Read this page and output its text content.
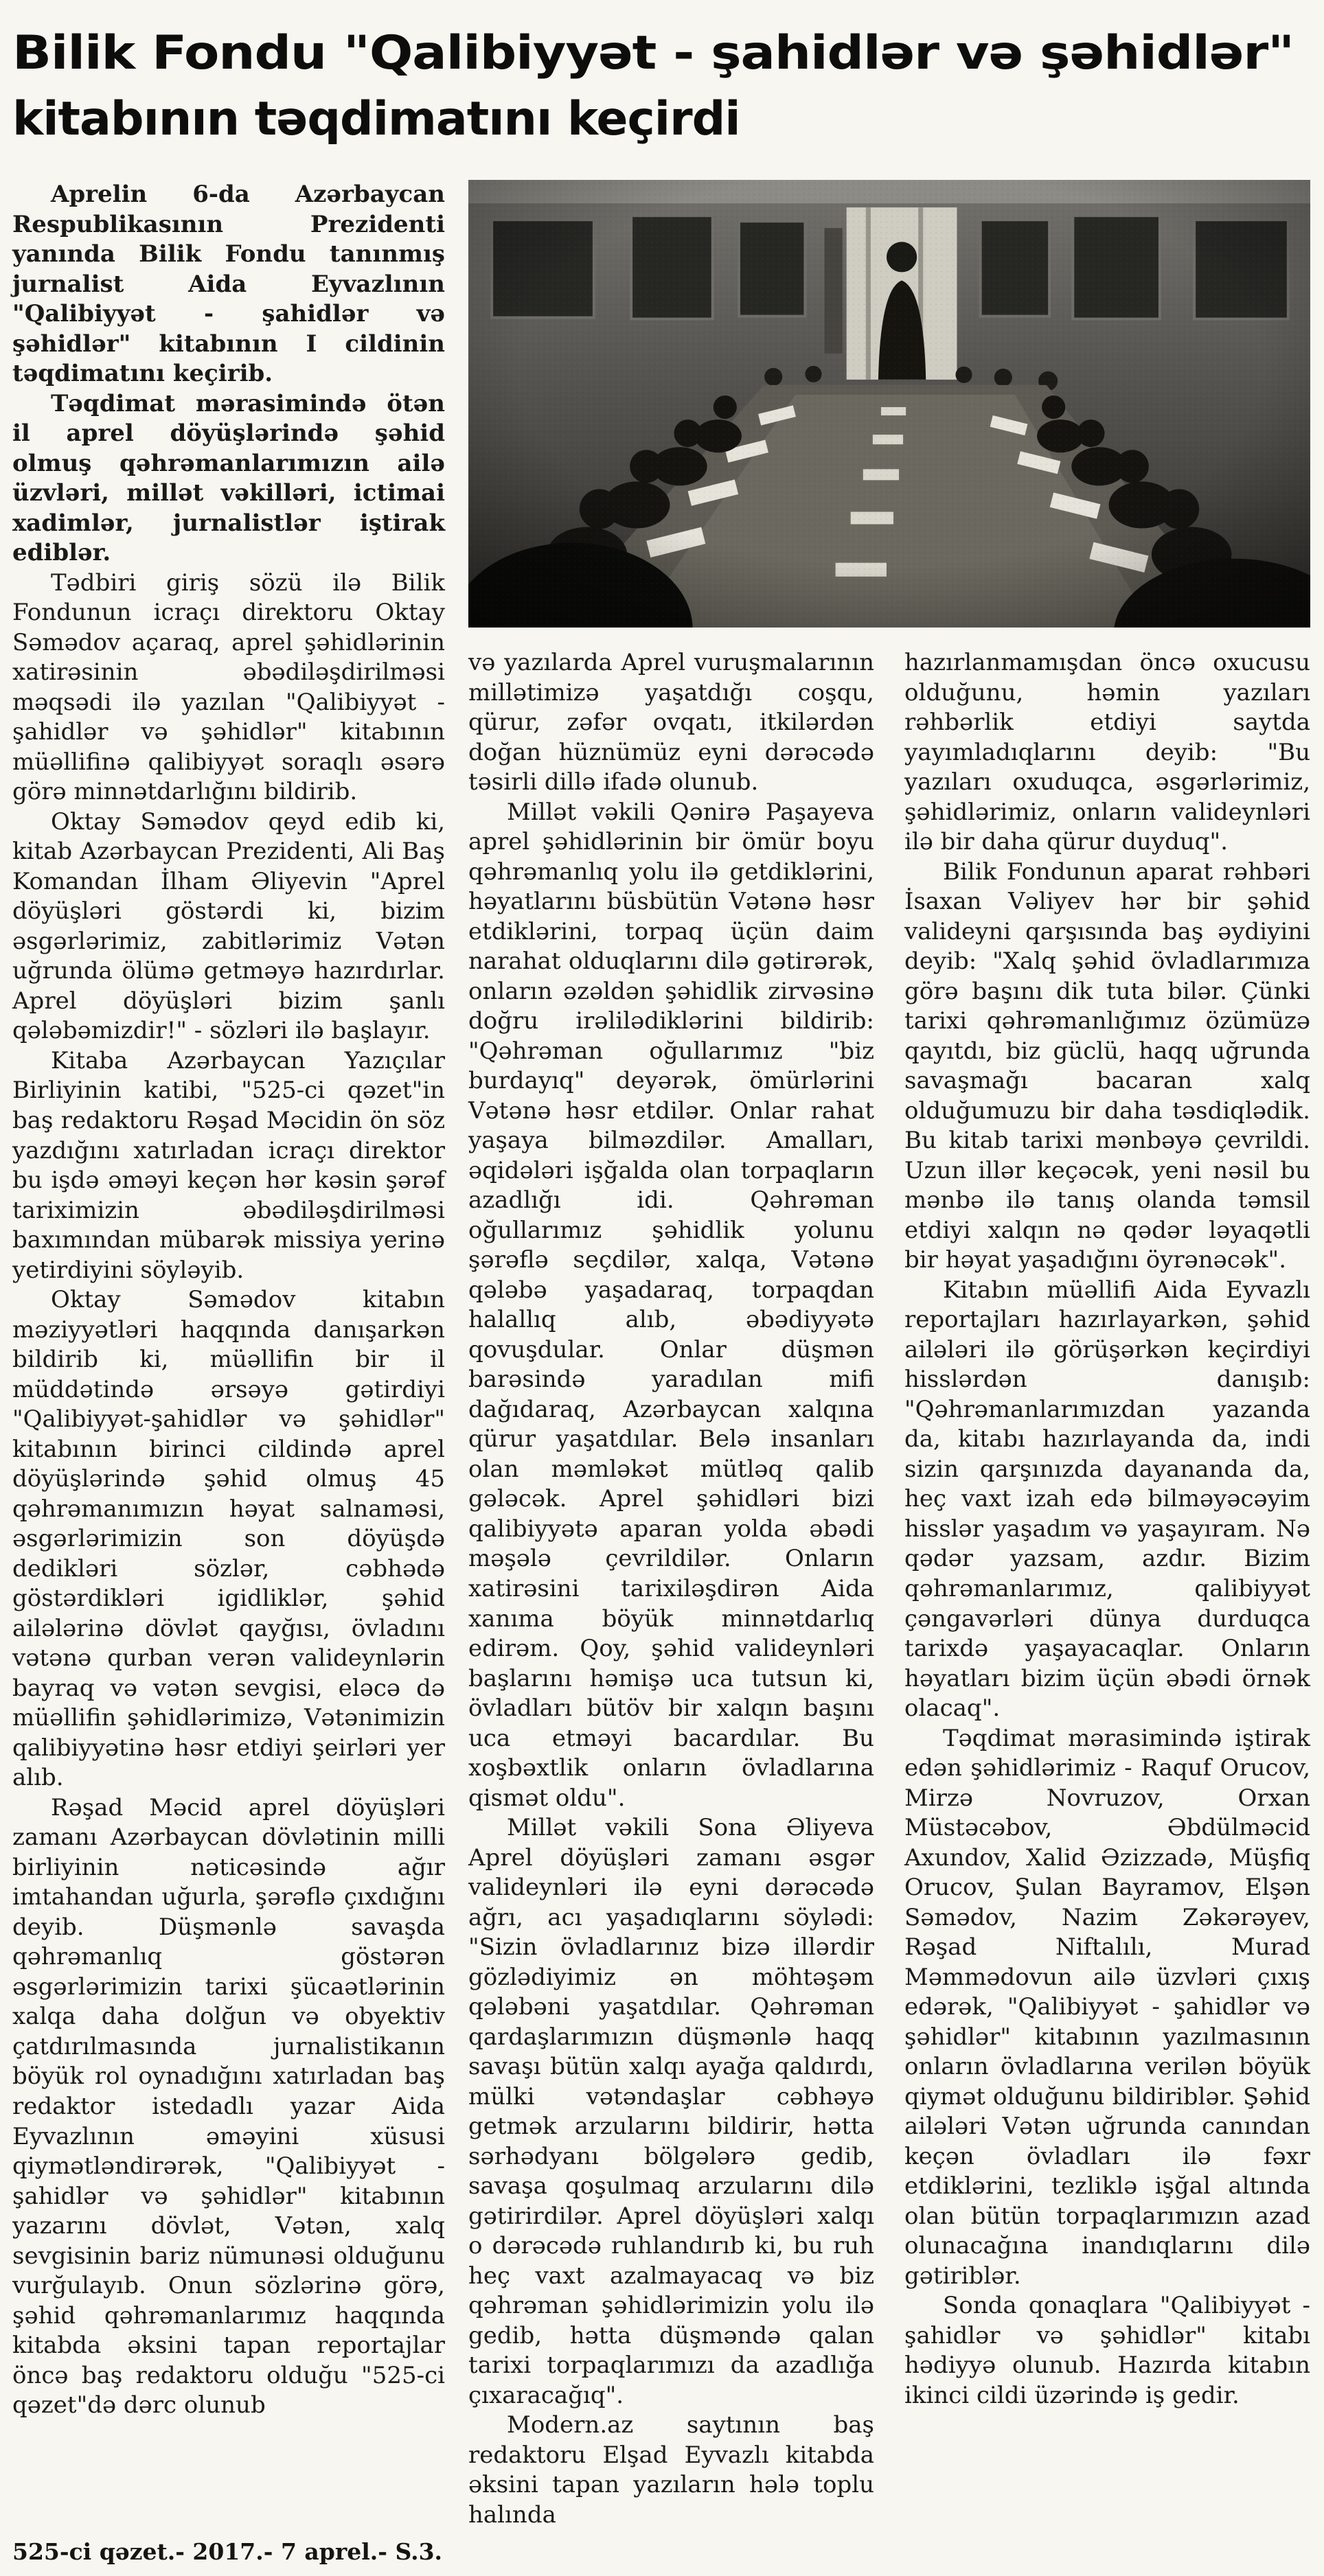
Bilik Fondu "Qalibiyyət - şahidlər və şəhidlər"
kitabının təqdimatını keçirdi

Aprelin 6-da Azərbaycan Respublikasının Prezidenti yanında Bilik Fondu tanınmış jurnalist Aida Eyvazlının "Qalibiyyət - şahidlər və şəhidlər" kitabının I cildinin təqdimatını keçirib.

Təqdimat mərasimində ötən il aprel döyüşlərində şəhid olmuş qəhrəmanlarımızın ailə üzvləri, millət vəkilləri, ictimai xadimlər, jurnalistlər iştirak ediblər.

Tədbiri giriş sözü ilə Bilik Fondunun icraçı direktoru Oktay Səmədov açaraq, aprel şəhidlərinin xatirəsinin əbədiləşdirilməsi məqsədi ilə yazılan "Qalibiyyət - şahidlər və şəhidlər" kitabının müəllifinə qalibiyyət soraqlı əsərə görə minnətdarlığını bildirib.

Oktay Səmədov qeyd edib ki, kitab Azərbaycan Prezidenti, Ali Baş Komandan İlham Əliyevin "Aprel döyüşləri göstərdi ki, bizim əsgərlərimiz, zabitlərimiz Vətən uğrunda ölümə getməyə hazırdırlar. Aprel döyüşləri bizim şanlı qələbəmizdir!" - sözləri ilə başlayır.

Kitaba Azərbaycan Yazıçılar Birliyinin katibi, "525-ci qəzet"in baş redaktoru Rəşad Məcidin ön söz yazdığını xatırladan icraçı direktor bu işdə əməyi keçən hər kəsin şərəf tariximizin əbədiləşdirilməsi baxımından mübarək missiya yerinə yetirdiyini söyləyib.

Oktay Səmədov kitabın məziyyətləri haqqında danışarkən bildirib ki, müəllifin bir il müddətində ərsəyə gətirdiyi "Qalibiyyət-şahidlər və şəhidlər" kitabının birinci cildində aprel döyüşlərində şəhid olmuş 45 qəhrəmanımızın həyat salnaməsi, əsgərlərimizin son döyüşdə dedikləri sözlər, cəbhədə göstərdikləri igidliklər, şəhid ailələrinə dövlət qayğısı, övladını vətənə qurban verən valideynlərin bayraq və vətən sevgisi, eləcə də müəllifin şəhidlərimizə, Vətənimizin qalibiyyətinə həsr etdiyi şeirləri yer alıb.

Rəşad Məcid aprel döyüşləri zamanı Azərbaycan dövlətinin milli birliyinin nəticəsində ağır imtahandan uğurla, şərəflə çıxdığını deyib. Düşmənlə savaşda qəhrəmanlıq göstərən əsgərlərimizin tarixi şücaətlərinin xalqa daha dolğun və obyektiv çatdırılmasında jurnalistikanın böyük rol oynadığını xatırladan baş redaktor istedadlı yazar Aida Eyvazlının əməyini xüsusi qiymətləndirərək, "Qalibiyyət - şahidlər və şəhidlər" kitabının yazarını dövlət, Vətən, xalq sevgisinin bariz nümunəsi olduğunu vurğulayıb. Onun sözlərinə görə, şəhid qəhrəmanlarımız haqqında kitabda əksini tapan reportajlar öncə baş redaktoru olduğu "525-ci qəzet"də dərc olunub

və yazılarda Aprel vuruşmalarının millətimizə yaşatdığı coşqu, qürur, zəfər ovqatı, itkilərdən doğan hüznümüz eyni dərəcədə təsirli dillə ifadə olunub.

Millət vəkili Qənirə Paşayeva aprel şəhidlərinin bir ömür boyu qəhrəmanlıq yolu ilə getdiklərini, həyatlarını büsbütün Vətənə həsr etdiklərini, torpaq üçün daim narahat olduqlarını dilə gətirərək, onların əzəldən şəhidlik zirvəsinə doğru irəlilədiklərini bildirib: "Qəhrəman oğullarımız "biz burdayıq" deyərək, ömürlərini Vətənə həsr etdilər. Onlar rahat yaşaya bilməzdilər. Amalları, əqidələri işğalda olan torpaqların azadlığı idi. Qəhrəman oğullarımız şəhidlik yolunu şərəflə seçdilər, xalqa, Vətənə qələbə yaşadaraq, torpaqdan halallıq alıb, əbədiyyətə qovuşdular. Onlar düşmən barəsində yaradılan mifi dağıdaraq, Azərbaycan xalqına qürur yaşatdılar. Belə insanları olan məmləkət mütləq qalib gələcək. Aprel şəhidləri bizi qalibiyyətə aparan yolda əbədi məşələ çevrildilər. Onların xatirəsini tarixiləşdirən Aida xanıma böyük minnətdarlıq edirəm. Qoy, şəhid valideynləri başlarını həmişə uca tutsun ki, övladları bütöv bir xalqın başını uca etməyi bacardılar. Bu xoşbəxtlik onların övladlarına qismət oldu".

Millət vəkili Sona Əliyeva Aprel döyüşləri zamanı əsgər valideynləri ilə eyni dərəcədə ağrı, acı yaşadıqlarını söylədi: "Sizin övladlarınız bizə illərdir gözlədiyimiz ən möhtəşəm qələbəni yaşatdılar. Qəhrəman qardaşlarımızın düşmənlə haqq savaşı bütün xalqı ayağa qaldırdı, mülki vətəndaşlar cəbhəyə getmək arzularını bildirir, hətta sərhədyanı bölgələrə gedib, savaşa qoşulmaq arzularını dilə gətirirdilər. Aprel döyüşləri xalqı o dərəcədə ruhlandırıb ki, bu ruh heç vaxt azalmayacaq və biz qəhrəman şəhidlərimizin yolu ilə gedib, hətta düşməndə qalan tarixi torpaqlarımızı da azadlığa çıxaracağıq".

Modern.az saytının baş redaktoru Elşad Eyvazlı kitabda əksini tapan yazıların hələ toplu halında

hazırlanmamışdan öncə oxucusu olduğunu, həmin yazıları rəhbərlik etdiyi saytda yayımladıqlarını deyib: "Bu yazıları oxuduqca, əsgərlərimiz, şəhidlərimiz, onların valideynləri ilə bir daha qürur duyduq".

Bilik Fondunun aparat rəhbəri İsaxan Vəliyev hər bir şəhid valideyni qarşısında baş əydiyini deyib: "Xalq şəhid övladlarımıza görə başını dik tuta bilər. Çünki tarixi qəhrəmanlığımız özümüzə qayıtdı, biz güclü, haqq uğrunda savaşmağı bacaran xalq olduğumuzu bir daha təsdiqlədik. Bu kitab tarixi mənbəyə çevrildi. Uzun illər keçəcək, yeni nəsil bu mənbə ilə tanış olanda təmsil etdiyi xalqın nə qədər ləyaqətli bir həyat yaşadığını öyrənəcək".

Kitabın müəllifi Aida Eyvazlı reportajları hazırlayarkən, şəhid ailələri ilə görüşərkən keçirdiyi hisslərdən danışıb: "Qəhrəmanlarımızdan yazanda da, kitabı hazırlayanda da, indi sizin qarşınızda dayananda da, heç vaxt izah edə bilməyəcəyim hisslər yaşadım və yaşayıram. Nə qədər yazsam, azdır. Bizim qəhrəmanlarımız, qalibiyyət çəngavərləri dünya durduqca tarixdə yaşayacaqlar. Onların həyatları bizim üçün əbədi örnək olacaq".

Təqdimat mərasimində iştirak edən şəhidlərimiz - Raquf Orucov, Mirzə Novruzov, Orxan Müstəcəbov, Əbdülməcid Axundov, Xalid Əzizzadə, Müşfiq Orucov, Şulan Bayramov, Elşən Səmədov, Nazim Zəkərəyev, Rəşad Niftalılı, Murad Məmmədovun ailə üzvləri çıxış edərək, "Qalibiyyət - şahidlər və şəhidlər" kitabının yazılmasının onların övladlarına verilən böyük qiymət olduğunu bildiriblər. Şəhid ailələri Vətən uğrunda canından keçən övladları ilə fəxr etdiklərini, tezliklə işğal altında olan bütün torpaqlarımızın azad olunacağına inandıqlarını dilə gətiriblər.

Sonda qonaqlara "Qalibiyyət - şahidlər və şəhidlər" kitabı hədiyyə olunub. Hazırda kitabın ikinci cildi üzərində iş gedir.

525-ci qəzet.- 2017.- 7 aprel.- S.3.
